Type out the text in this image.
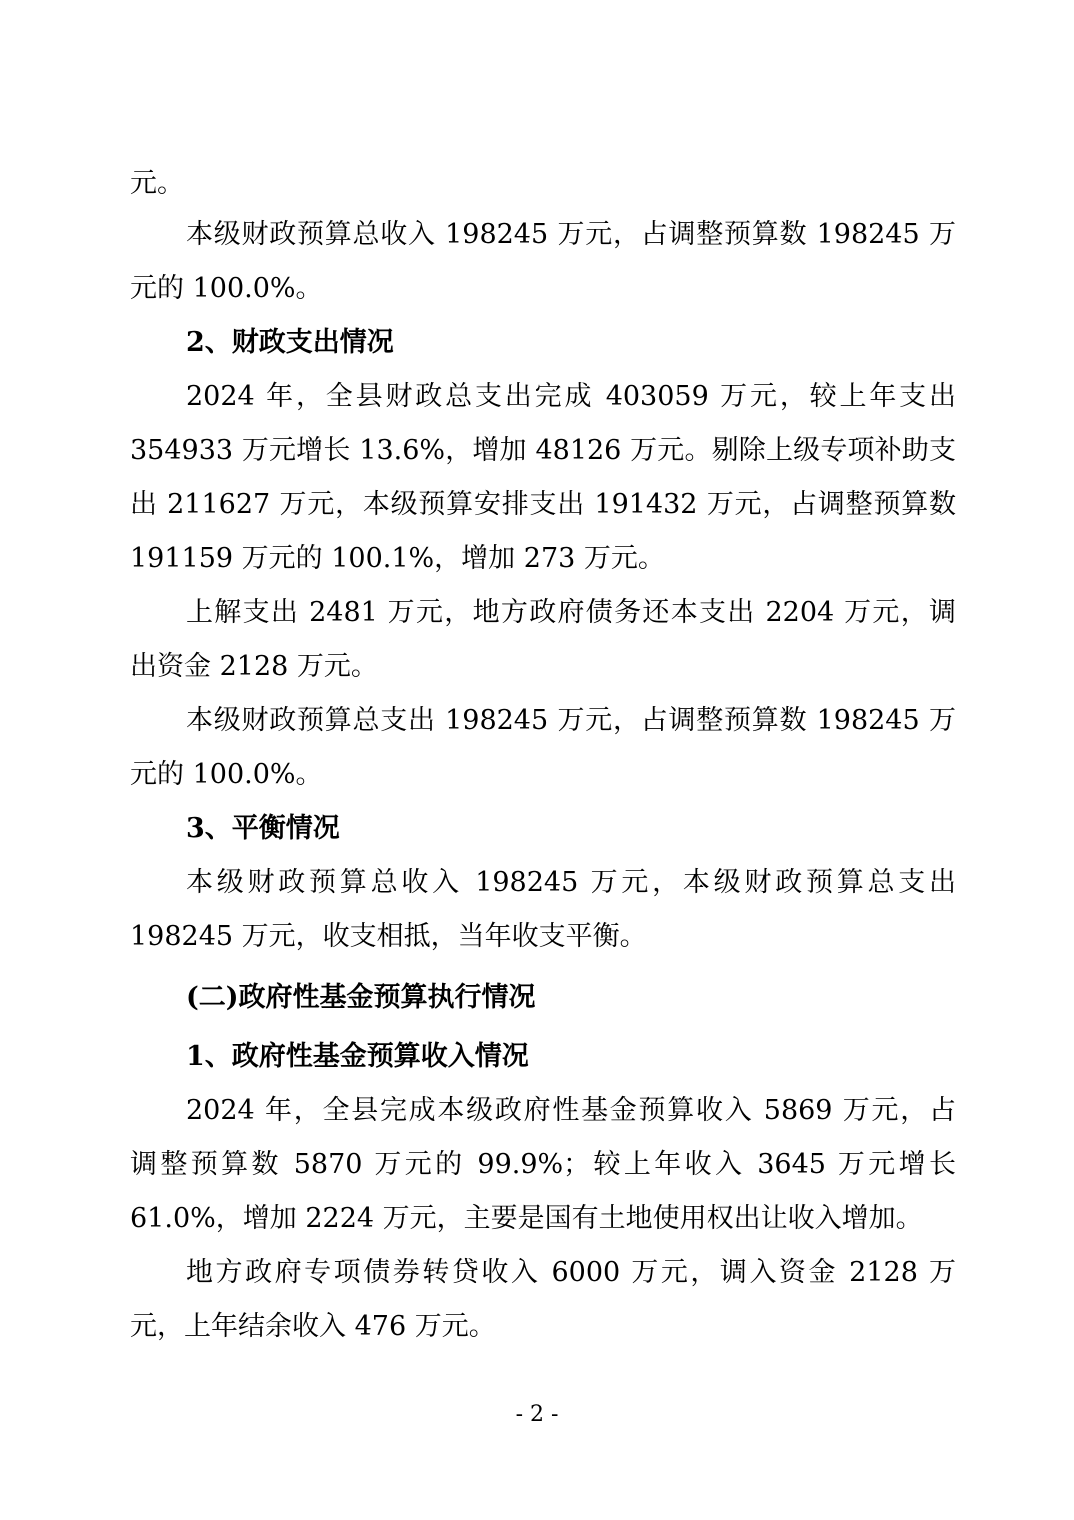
元。
本级财政预算总收入 198245 万元，占调整预算数 198245 万
元的 100.0%。
2、财政支出情况
2024 年，全县财政总支出完成 403059 万元，较上年支出
354933 万元增长 13.6%，增加 48126 万元。剔除上级专项补助支
出 211627 万元，本级预算安排支出 191432 万元，占调整预算数
191159 万元的 100.1%，增加 273 万元。
上解支出 2481 万元，地方政府债务还本支出 2204 万元，调
出资金 2128 万元。
本级财政预算总支出 198245 万元，占调整预算数 198245 万
元的 100.0%。
3、平衡情况
本级财政预算总收入 198245 万元，本级财政预算总支出
198245 万元，收支相抵，当年收支平衡。
(二)政府性基金预算执行情况
1、政府性基金预算收入情况
2024 年，全县完成本级政府性基金预算收入 5869 万元，占
调整预算数 5870 万元的 99.9%；较上年收入 3645 万元增长
61.0%，增加 2224 万元，主要是国有土地使用权出让收入增加。
地方政府专项债券转贷收入 6000 万元，调入资金 2128 万
元，上年结余收入 476 万元。
- 2 -
